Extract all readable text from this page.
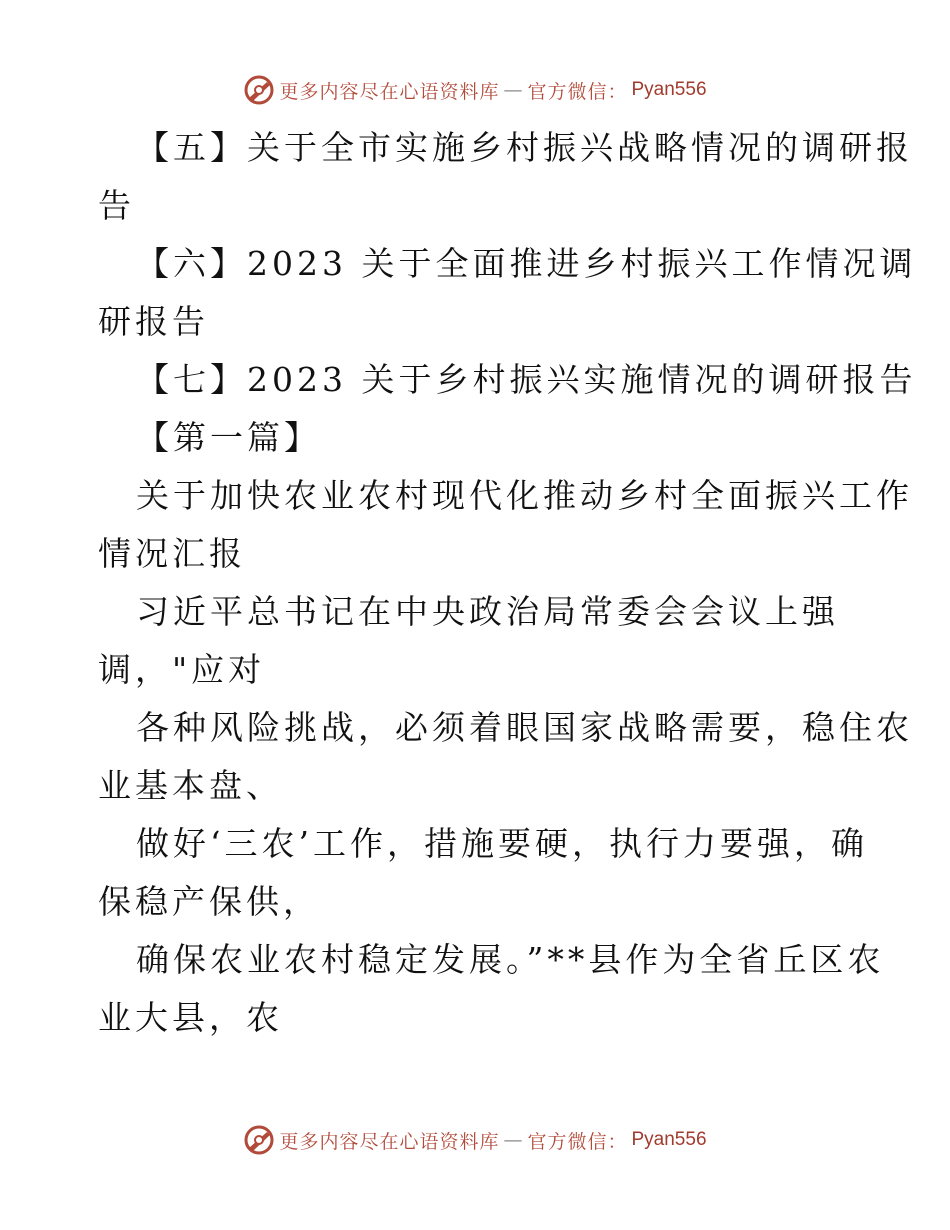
更多内容尽在心语资料库 — 官方微信： Pyan556
【五】关于全市实施乡村振兴战略情况的调研报
告
【六】2023 关于全面推进乡村振兴工作情况调
研报告
【七】2023 关于乡村振兴实施情况的调研报告
【第一篇】
关于加快农业农村现代化推动乡村全面振兴工作
情况汇报
习近平总书记在中央政治局常委会会议上强
调，"应对
各种风险挑战，必须着眼国家战略需要，稳住农
业基本盘、
做好‘三农’工作，措施要硬，执行力要强，确
保稳产保供，
确保农业农村稳定发展。”**县作为全省丘区农
业大县，农
更多内容尽在心语资料库 — 官方微信： Pyan556
